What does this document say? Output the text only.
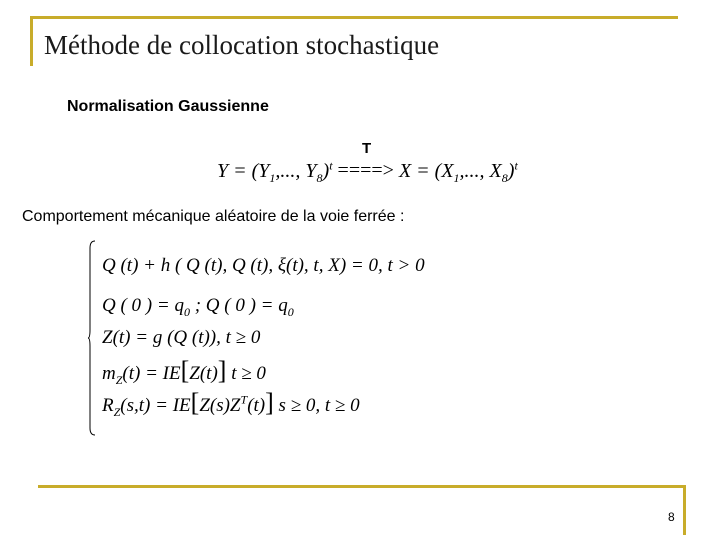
Méthode de collocation stochastique
Normalisation Gaussienne
T
$Y = (Y_1$,..., $Y_8)^t$ ====> $X = (X_1$,..., $X_8)^t$
Comportement mécanique aléatoire de la voie ferrée :
Q (t) + h ( Q (t), Q (t), ξ(t), t, X) = 0, t > 0
Q ( 0 ) = $q_0$ ; Q ( 0 ) = $q_0$
Z(t) = g (Q (t)), t ≥ 0
$m_Z(t) = IE[Z(t)] t \ge 0$
$R_Z(s,t) = IE[Z(s)Z^T(t)] s \ge 0$, t ≥ 0
8
